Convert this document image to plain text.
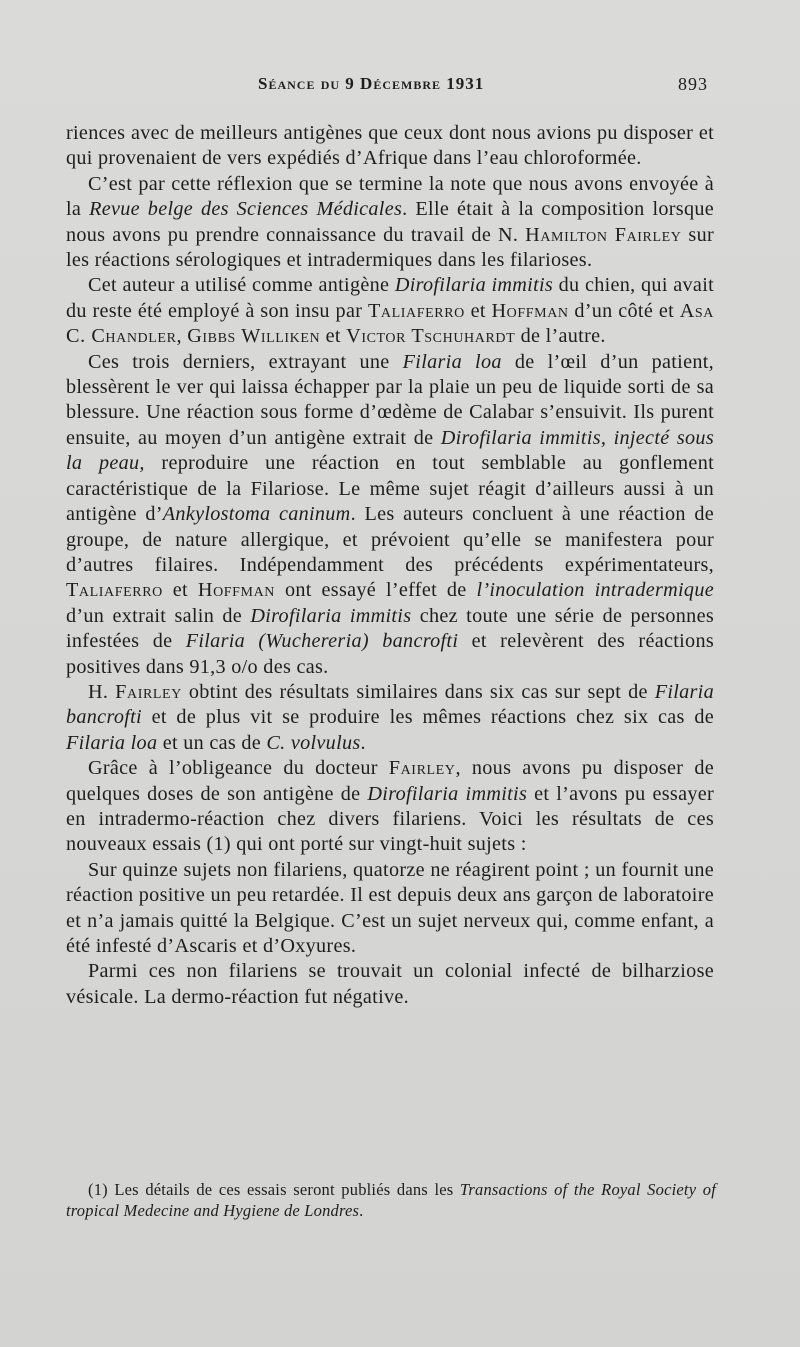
Séance du 9 Décembre 1931	893

riences avec de meilleurs antigènes que ceux dont nous avions pu disposer et qui provenaient de vers expédiés d’Afrique dans l’eau chloroformée.

C’est par cette réflexion que se termine la note que nous avons envoyée à la Revue belge des Sciences Médicales. Elle était à la composition lorsque nous avons pu prendre connaissance du travail de N. Hamilton Fairley sur les réactions sérologiques et intradermiques dans les filarioses.

Cet auteur a utilisé comme antigène Dirofilaria immitis du chien, qui avait du reste été employé à son insu par Taliaferro et Hoffman d’un côté et Asa C. Chandler, Gibbs Williken et Victor Tschuhardt de l’autre.

Ces trois derniers, extrayant une Filaria loa de l’œil d’un patient, blessèrent le ver qui laissa échapper par la plaie un peu de liquide sorti de sa blessure. Une réaction sous forme d’œdème de Calabar s’ensuivit. Ils purent ensuite, au moyen d’un antigène extrait de Dirofilaria immitis, injecté sous la peau, reproduire une réaction en tout semblable au gonflement caractéristique de la Filariose. Le même sujet réagit d’ailleurs aussi à un antigène d’Ankylostoma caninum. Les auteurs concluent à une réaction de groupe, de nature allergique, et prévoient qu’elle se manifestera pour d’autres filaires. Indépendamment des précédents expérimentateurs, Taliaferro et Hoffman ont essayé l’effet de l’inoculation intradermique d’un extrait salin de Dirofilaria immitis chez toute une série de personnes infestées de Filaria (Wuchereria) bancrofti et relevèrent des réactions positives dans 91,3 o/o des cas.

H. Fairley obtint des résultats similaires dans six cas sur sept de Filaria bancrofti et de plus vit se produire les mêmes réactions chez six cas de Filaria loa et un cas de C. volvulus.

Grâce à l’obligeance du docteur Fairley, nous avons pu disposer de quelques doses de son antigène de Dirofilaria immitis et l’avons pu essayer en intradermo-réaction chez divers filariens. Voici les résultats de ces nouveaux essais (1) qui ont porté sur vingt-huit sujets :

Sur quinze sujets non filariens, quatorze ne réagirent point ; un fournit une réaction positive un peu retardée. Il est depuis deux ans garçon de laboratoire et n’a jamais quitté la Belgique. C’est un sujet nerveux qui, comme enfant, a été infesté d’Ascaris et d’Oxyures.

Parmi ces non filariens se trouvait un colonial infecté de bilharziose vésicale. La dermo-réaction fut négative.

(1) Les détails de ces essais seront publiés dans les Transactions of the Royal Society of tropical Medecine and Hygiene de Londres.
